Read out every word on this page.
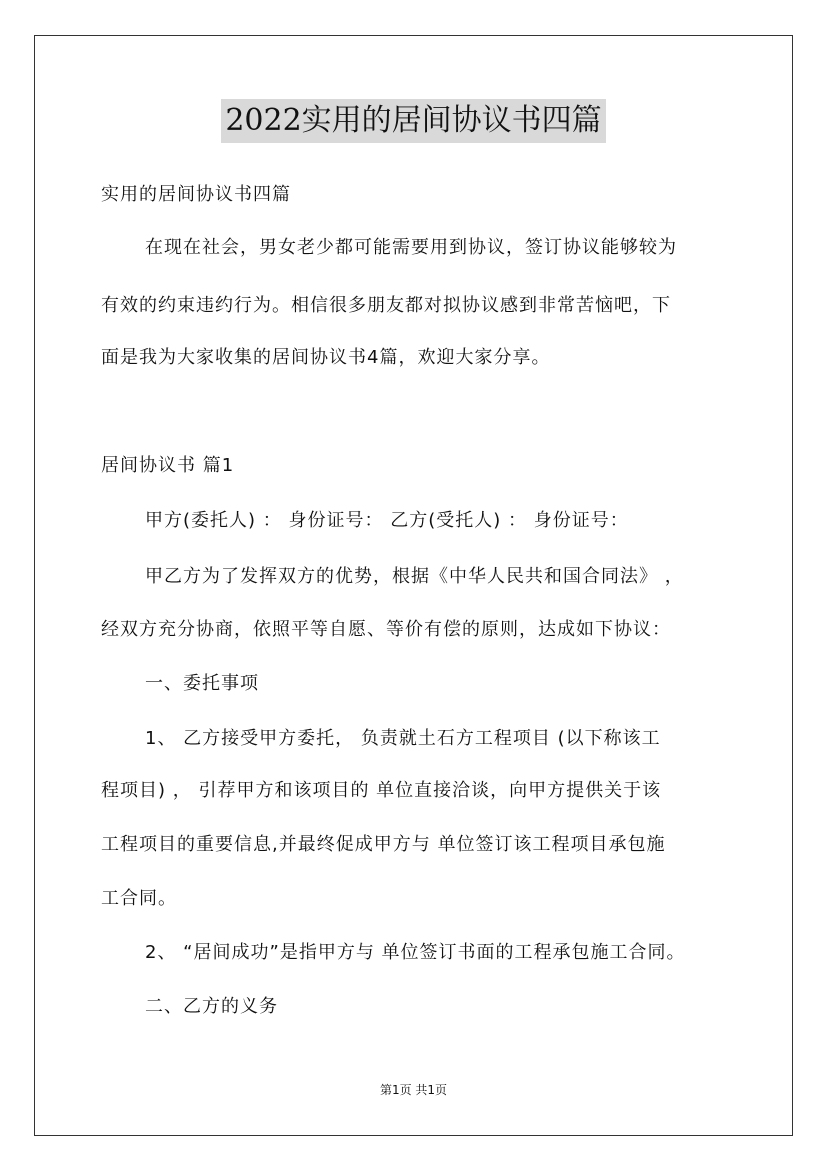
2022实用的居间协议书四篇
实用的居间协议书四篇
在现在社会，男女老少都可能需要用到协议，签订协议能够较为
有效的约束违约行为。相信很多朋友都对拟协议感到非常苦恼吧，下
面是我为大家收集的居间协议书4篇，欢迎大家分享。
居间协议书 篇1
甲方(委托人) ： 身份证号： 乙方(受托人) ： 身份证号：
甲乙方为了发挥双方的优势，根据《中华人民共和国合同法》 ，
经双方充分协商，依照平等自愿、等价有偿的原则，达成如下协议：
一、委托事项
1、 乙方接受甲方委托， 负责就土石方工程项目 (以下称该工
程项目) ， 引荐甲方和该项目的 单位直接洽谈，向甲方提供关于该
工程项目的重要信息,并最终促成甲方与 单位签订该工程项目承包施
工合同。
2、 “居间成功”是指甲方与 单位签订书面的工程承包施工合同。
二、乙方的义务
第1页 共1页
